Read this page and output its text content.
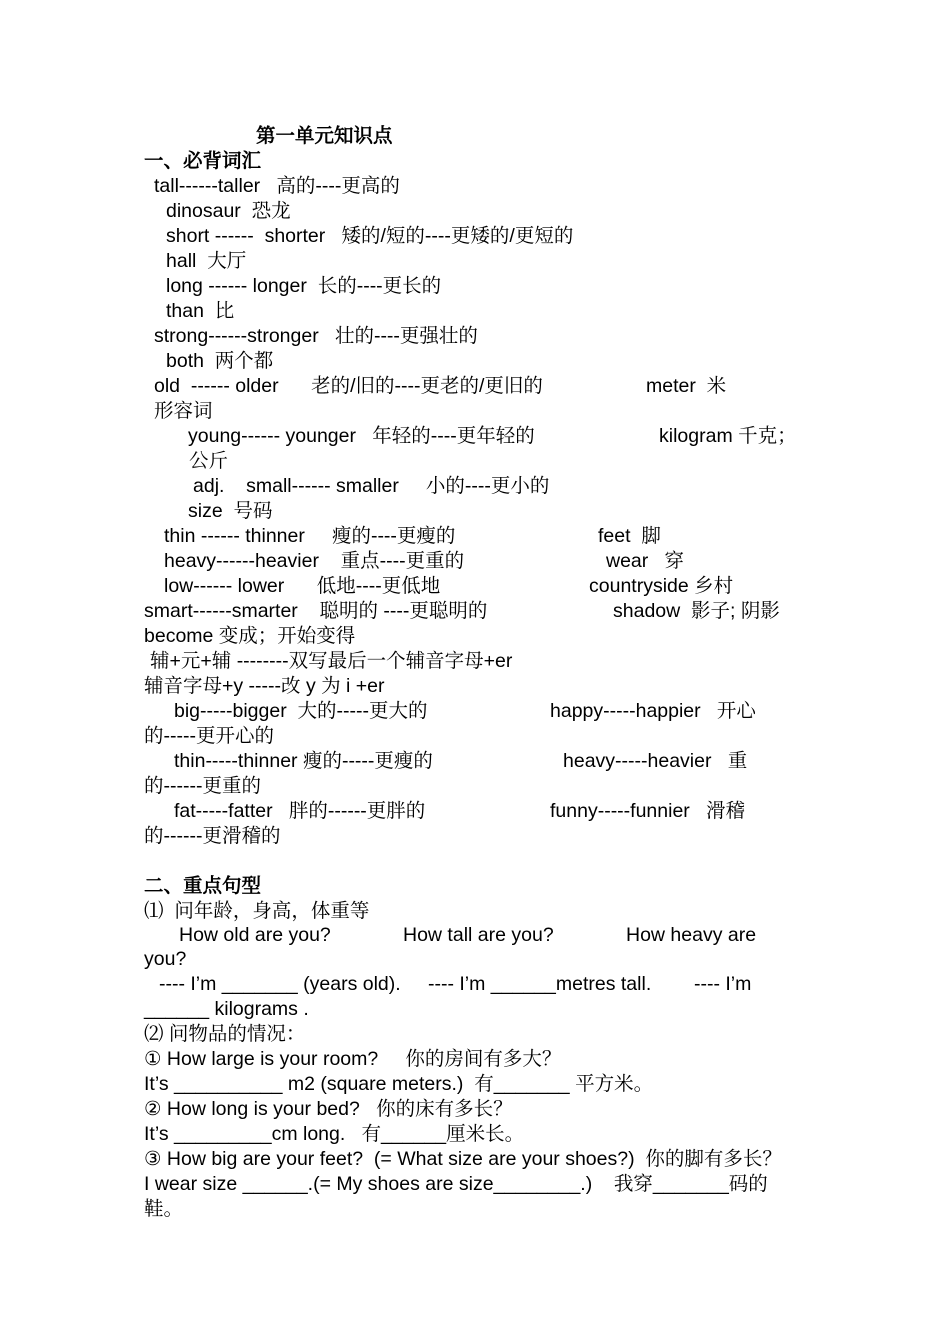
第一单元知识点

一、必背词汇

tall------taller   高的----更高的

dinosaur  恐龙

short ------  shorter   矮的/短的----更矮的/更短的

hall  大厅

long ------ longer  长的----更长的

than  比

strong------stronger   壮的----更强壮的

both  两个都

old  ------ older      老的/旧的----更老的/更旧的	meter  米

形容词

young------ younger   年轻的----更年轻的	kilogram 千克；

公斤

adj.    small------ smaller     小的----更小的

size  号码

thin ------ thinner     瘦的----更瘦的	feet  脚

heavy------heavier    重点----更重的	wear   穿

low------ lower      低地----更低地	countryside 乡村

smart------smarter    聪明的 ----更聪明的	shadow  影子; 阴影

become 变成；开始变得

辅+元+辅 --------双写最后一个辅音字母+er

辅音字母+y -----改 y 为 i +er

big-----bigger  大的-----更大的	happy-----happier   开心

的-----更开心的

thin-----thinner 瘦的-----更瘦的	heavy-----heavier   重

的------更重的

fat-----fatter   胖的------更胖的	funny-----funnier   滑稽

的------更滑稽的

二、重点句型

⑴  问年龄，身高，体重等

How old are you?	How tall are you?	How heavy are

you?

---- I’m _______ (years old). ---- I’m ______metres tall. ---- I’m

______ kilograms .

⑵ 问物品的情况：

① How large is your room?     你的房间有多大？

It’s __________ m2 (square meters.)  有_______ 平方米。

② How long is your bed?   你的床有多长？

It’s _________cm long.   有______厘米长。

③ How big are your feet?  (= What size are your shoes?)  你的脚有多长？

I wear size ______.(= My shoes are size________.)    我穿_______码的

鞋。
